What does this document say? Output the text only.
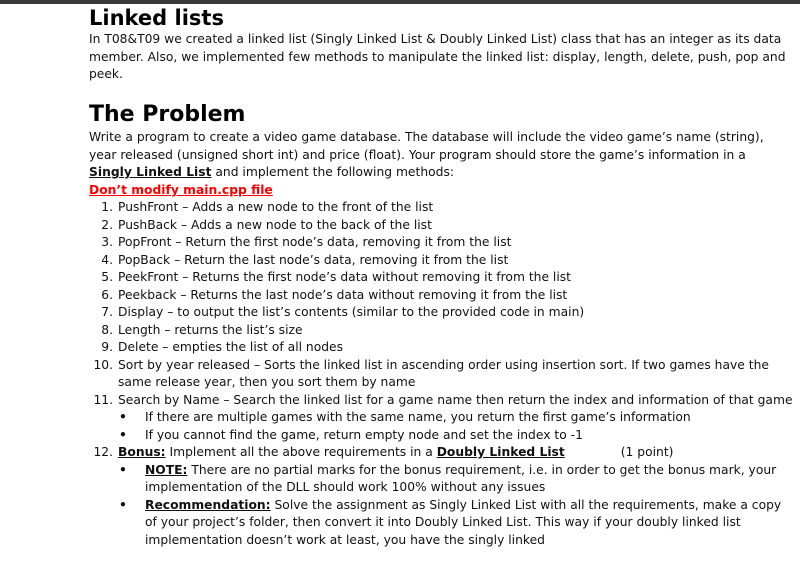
Linked lists

In T08&T09 we created a linked list (Singly Linked List & Doubly Linked List) class that has an integer as its data member. Also, we implemented few methods to manipulate the linked list: display, length, delete, push, pop and peek.

The Problem

Write a program to create a video game database. The database will include the video game’s name (string), year released (unsigned short int) and price (float). Your program should store the game’s information in a Singly Linked List and implement the following methods:

Don’t modify main.cpp file
1. PushFront – Adds a new node to the front of the list
2. PushBack – Adds a new node to the back of the list
3. PopFront – Return the first node’s data, removing it from the list
4. PopBack – Return the last node’s data, removing it from the list
5. PeekFront – Returns the first node’s data without removing it from the list
6. Peekback – Returns the last node’s data without removing it from the list
7. Display – to output the list’s contents (similar to the provided code in main)
8. Length – returns the list’s size
9. Delete – empties the list of all nodes
10. Sort by year released – Sorts the linked list in ascending order using insertion sort. If two games have the same release year, then you sort them by name
11. Search by Name – Search the linked list for a game name then return the index and information of that game
• If there are multiple games with the same name, you return the first game’s information
• If you cannot find the game, return empty node and set the index to -1
12. Bonus: Implement all the above requirements in a Doubly Linked List	(1 point)
• NOTE: There are no partial marks for the bonus requirement, i.e. in order to get the bonus mark, your implementation of the DLL should work 100% without any issues
• Recommendation: Solve the assignment as Singly Linked List with all the requirements, make a copy of your project’s folder, then convert it into Doubly Linked List. This way if your doubly linked list implementation doesn’t work at least, you have the singly linked
